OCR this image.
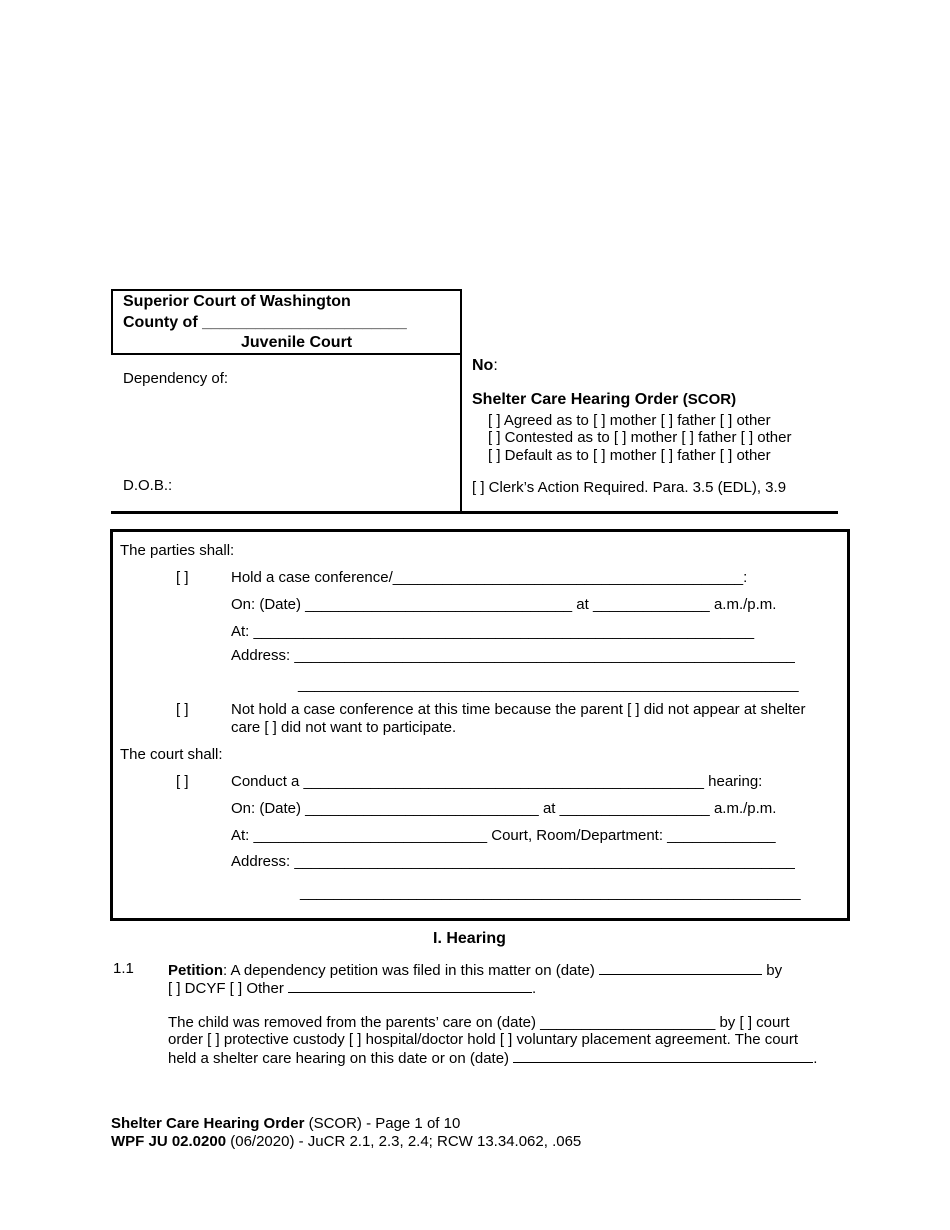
Superior Court of Washington
County of _______________________
Juvenile Court
Dependency of:
D.O.B.:
No:
Shelter Care Hearing Order (SCOR)
[ ] Agreed as to [ ] mother [ ] father [ ] other
[ ] Contested as to [ ] mother [ ] father [ ] other
[ ] Default as to [ ] mother [ ] father [ ] other
[ ] Clerk’s Action Required. Para. 3.5 (EDL), 3.9
The parties shall:
[ ]	Hold a case conference/__________________________________________:
On: (Date) ________________________________ at ______________ a.m./p.m.
At: ____________________________________________________________
Address: ____________________________________________________________
____________________________________________________________
[ ]	Not hold a case conference at this time because the parent [ ] did not appear at shelter
care [ ] did not want to participate.
The court shall:
[ ]	Conduct a ________________________________________________ hearing:
On: (Date) ____________________________ at __________________ a.m./p.m.
At: ____________________________ Court, Room/Department: _____________
Address: ____________________________________________________________
____________________________________________________________
I. Hearing
1.1 Petition: A dependency petition was filed in this matter on (date)	by
[ ] DCYF [ ] Other	.
The child was removed from the parents’ care on (date) _____________________ by [ ] court
order [ ] protective custody [ ] hospital/doctor hold [ ] voluntary placement agreement. The court
held a shelter care hearing on this date or on (date)	.
Shelter Care Hearing Order (SCOR) - Page 1 of 10
WPF JU 02.0200 (06/2020) - JuCR 2.1, 2.3, 2.4; RCW 13.34.062, .065
